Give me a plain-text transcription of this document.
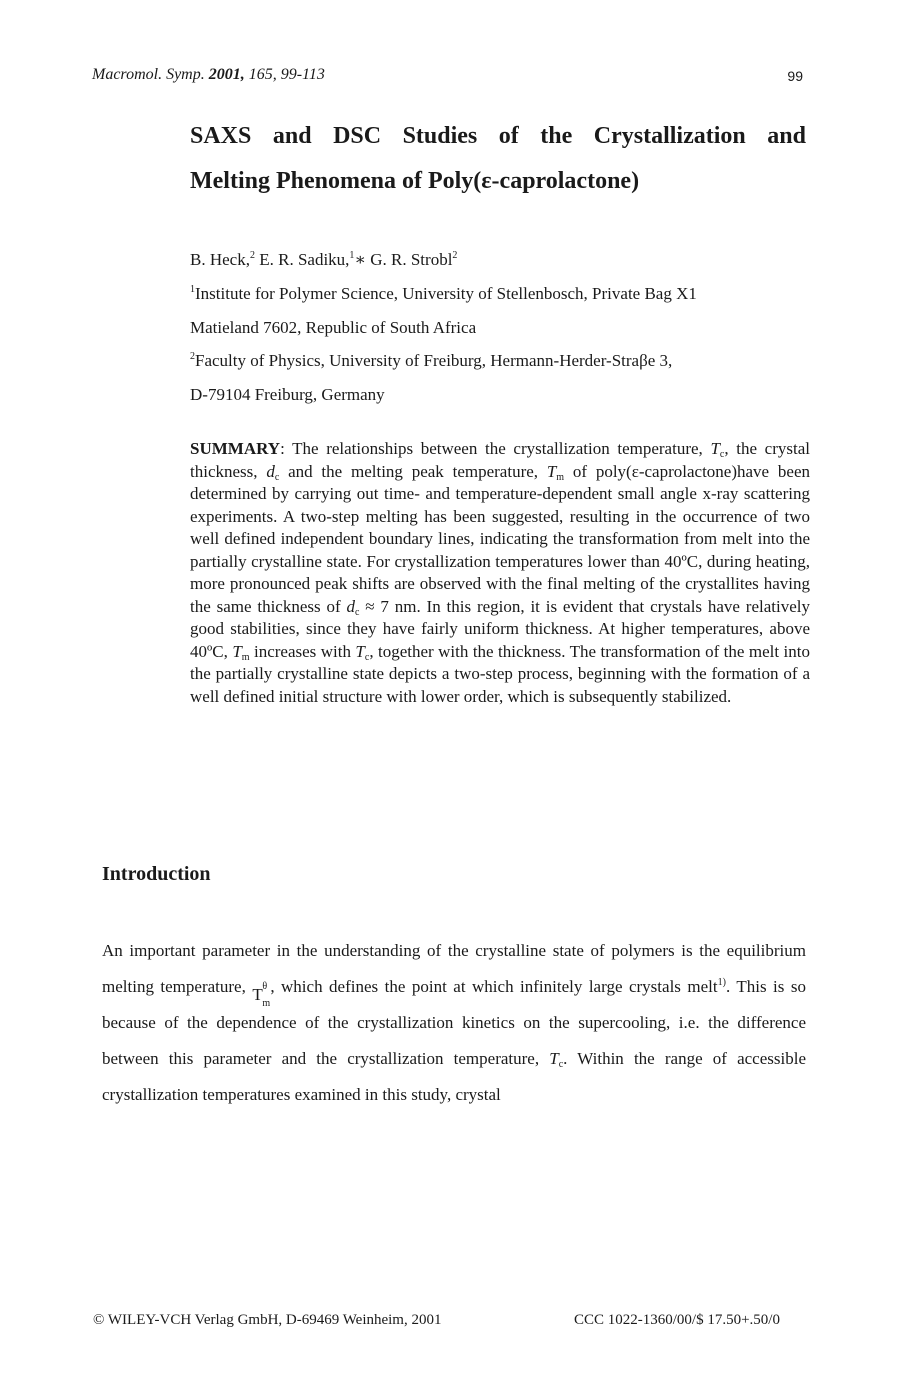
Macromol. Symp. 2001, 165, 99-113	99
SAXS and DSC Studies of the Crystallization and
Melting Phenomena of Poly(ε-caprolactone)
B. Heck,$^2$ E. R. Sadiku,$^1$∗ G. R. Strobl$^2$
$^1$Institute for Polymer Science, University of Stellenbosch, Private Bag X1
Matieland 7602, Republic of South Africa
$^2$Faculty of Physics, University of Freiburg, Hermann-Herder-Straβe 3,
D-79104 Freiburg, Germany

SUMMARY: The relationships between the crystallization temperature, $T_c$, the crystal thickness, $d_c$ and the melting peak temperature, $T_m$ of poly(ε-caprolactone)have been determined by carrying out time- and temperature-dependent small angle x-ray scattering experiments. A two-step melting has been suggested, resulting in the occurrence of two well defined independent boundary lines, indicating the transformation from melt into the partially crystalline state. For crystallization temperatures lower than 40ºC, during heating, more pronounced peak shifts are observed with the final melting of the crystallites having the same thickness of $d_c \approx 7$ nm. In this region, it is evident that crystals have relatively good stabilities, since they have fairly uniform thickness. At higher temperatures, above 40ºC, $T_m$ increases with $T_c$, together with the thickness. The transformation of the melt into the partially crystalline state depicts a two-step process, beginning with the formation of a well defined initial structure with lower order, which is subsequently stabilized.

Introduction

An important parameter in the understanding of the crystalline state of polymers is the equilibrium melting temperature, T θ
m
, which defines the point at which infinitely large crystals melt$^{1)}$. This is so because of the dependence of the crystallization kinetics on the supercooling, i.e. the difference between this parameter and the crystallization temperature, $T_c$. Within the range of accessible crystallization temperatures examined in this study, crystal

© WILEY-VCH Verlag GmbH, D-69469 Weinheim, 2001	CCC 1022-1360/00/$ 17.50+.50/0
